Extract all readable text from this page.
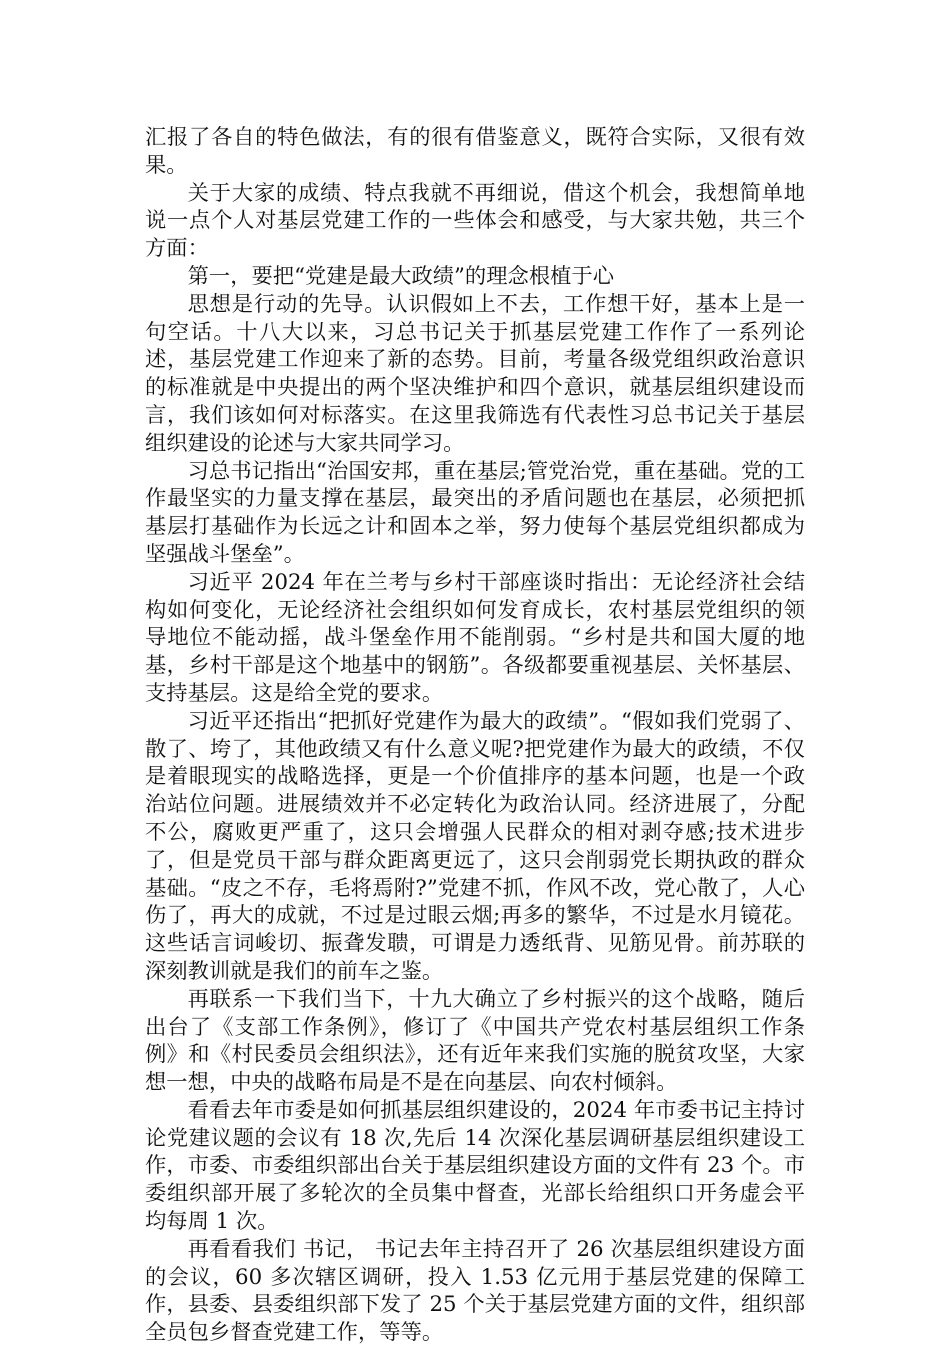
汇报了各自的特色做法，有的很有借鉴意义，既符合实际，又很有效果。

关于大家的成绩、特点我就不再细说，借这个机会，我想简单地说一点个人对基层党建工作的一些体会和感受，与大家共勉，共三个方面：

第一，要把“党建是最大政绩”的理念根植于心

思想是行动的先导。认识假如上不去，工作想干好，基本上是一句空话。十八大以来，习总书记关于抓基层党建工作作了一系列论述，基层党建工作迎来了新的态势。目前，考量各级党组织政治意识的标准就是中央提出的两个坚决维护和四个意识，就基层组织建设而言，我们该如何对标落实。在这里我筛选有代表性习总书记关于基层组织建设的论述与大家共同学习。

习总书记指出“治国安邦，重在基层;管党治党，重在基础。党的工作最坚实的力量支撑在基层，最突出的矛盾问题也在基层，必须把抓基层打基础作为长远之计和固本之举，努力使每个基层党组织都成为坚强战斗堡垒”。

习近平 2024 年在兰考与乡村干部座谈时指出：无论经济社会结构如何变化，无论经济社会组织如何发育成长，农村基层党组织的领导地位不能动摇，战斗堡垒作用不能削弱。“乡村是共和国大厦的地基，乡村干部是这个地基中的钢筋”。各级都要重视基层、关怀基层、支持基层。这是给全党的要求。

习近平还指出“把抓好党建作为最大的政绩”。“假如我们党弱了、散了、垮了，其他政绩又有什么意义呢?把党建作为最大的政绩，不仅是着眼现实的战略选择，更是一个价值排序的基本问题，也是一个政治站位问题。进展绩效并不必定转化为政治认同。经济进展了，分配不公，腐败更严重了，这只会增强人民群众的相对剥夺感;技术进步了，但是党员干部与群众距离更远了，这只会削弱党长期执政的群众基础。“皮之不存，毛将焉附?”党建不抓，作风不改，党心散了，人心伤了，再大的成就，不过是过眼云烟;再多的繁华，不过是水月镜花。这些话言词峻切、振聋发聩，可谓是力透纸背、见筋见骨。前苏联的深刻教训就是我们的前车之鉴。

再联系一下我们当下，十九大确立了乡村振兴的这个战略，随后出台了《支部工作条例》，修订了《中国共产党农村基层组织工作条例》和《村民委员会组织法》，还有近年来我们实施的脱贫攻坚，大家想一想，中央的战略布局是不是在向基层、向农村倾斜。

看看去年市委是如何抓基层组织建设的，2024 年市委书记主持讨论党建议题的会议有 18 次,先后 14 次深化基层调研基层组织建设工作，市委、市委组织部出台关于基层组织建设方面的文件有 23 个。市委组织部开展了多轮次的全员集中督查，光部长给组织口开务虚会平均每周 1 次。

再看看我们 书记， 书记去年主持召开了 26 次基层组织建设方面的会议，60 多次辖区调研，投入 1.53 亿元用于基层党建的保障工作，县委、县委组织部下发了 25 个关于基层党建方面的文件，组织部全员包乡督查党建工作，等等。
